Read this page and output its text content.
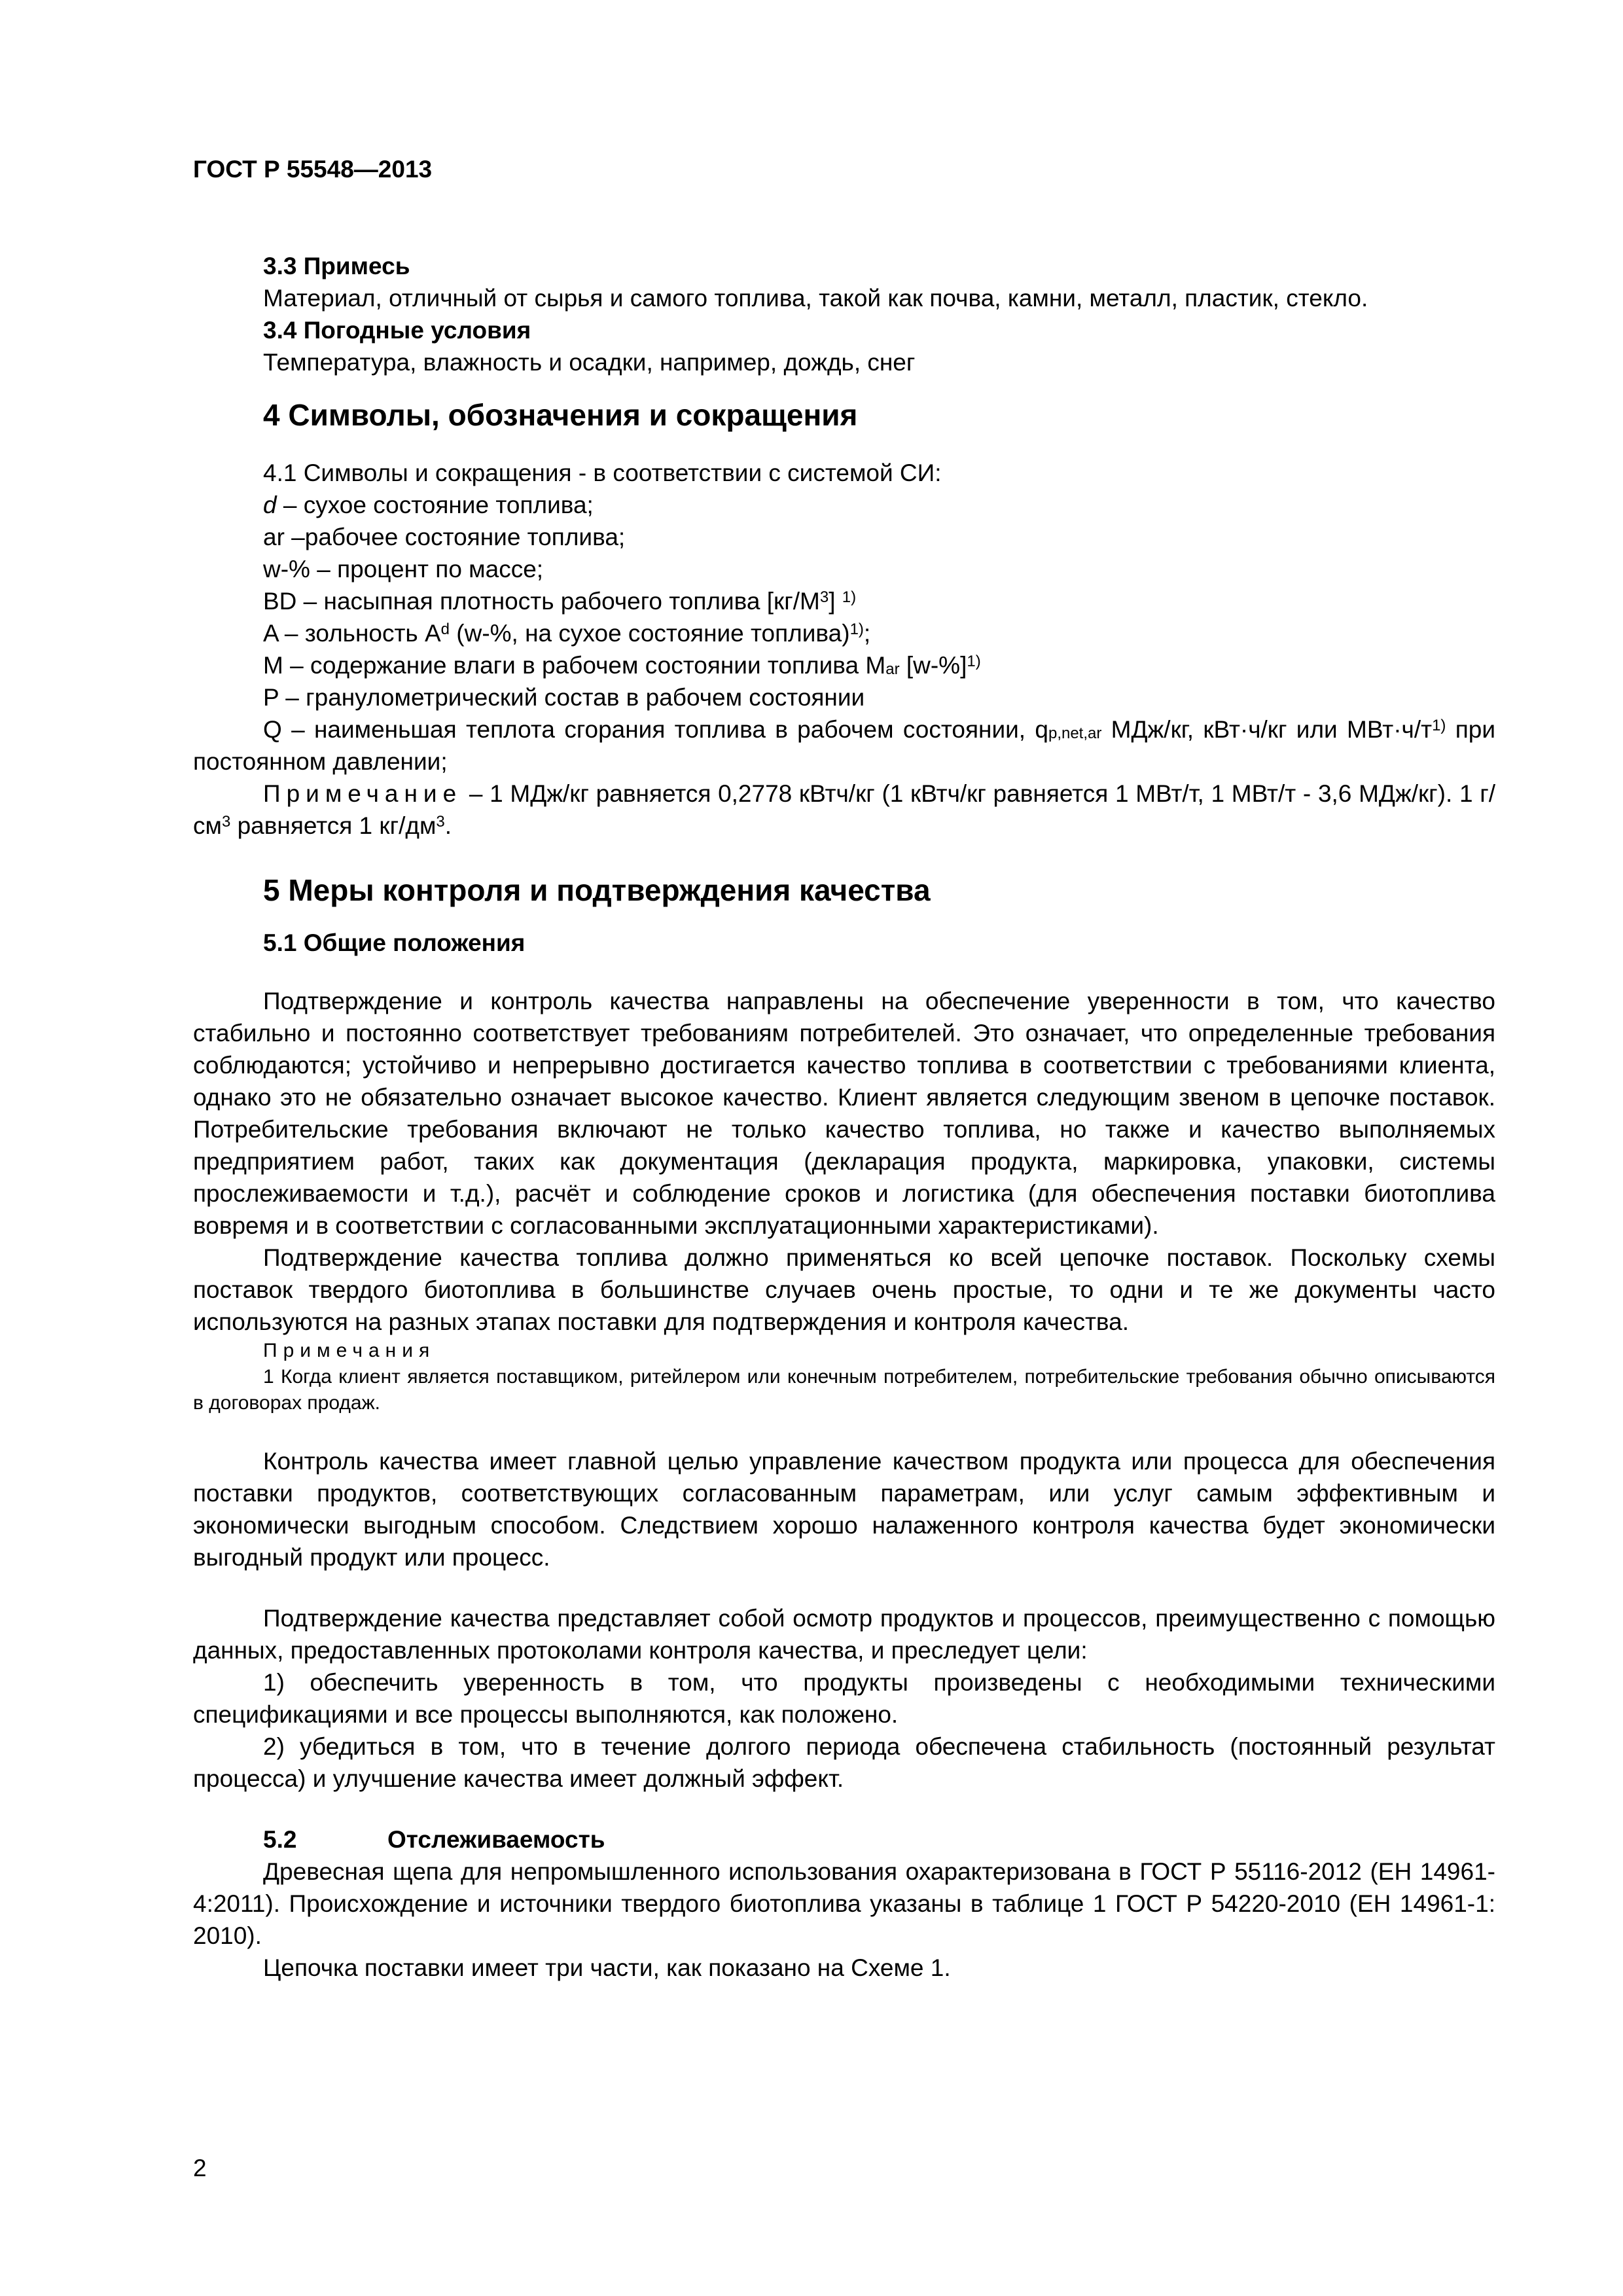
ГОСТ Р 55548—2013

3.3 Примесь

Материал, отличный от сырья и самого топлива, такой как почва, камни, металл, пластик, стекло.

3.4 Погодные условия

Температура, влажность и осадки, например, дождь, снег

4 Символы, обозначения и сокращения

4.1 Символы и сокращения - в соответствии с системой СИ:

d – сухое состояние топлива;

ar –рабочее состояние топлива;

w-% – процент по массе;

BD – насыпная плотность рабочего топлива $[кг/М^3]$ $^{1)}$

A – зольность $A^d$ (w-%, на сухое состояние топлива)$^{1)}$;

M – содержание влаги в рабочем состоянии топлива $M_{ar}$ $[w-\%]^{1)}$

P – гранулометрический состав в рабочем состоянии

Q – наименьшая теплота сгорания топлива в рабочем состоянии, $q_{p,net,ar}$ МДж/кг, кВт·ч/кг или $МВт\cdot ч/т^{1)}$ при постоянном давлении;

Примечание – 1 МДж/кг равняется 0,2778 кВтч/кг (1 кВтч/кг равняется 1 МВт/т, 1 МВт/т - 3,6 МДж/кг). 1 $г/см^3$ равняется 1 $кг/дм^3$.

5 Меры контроля и подтверждения качества
5.1 Общие положения

Подтверждение и контроль качества направлены на обеспечение уверенности в том, что качество стабильно и постоянно соответствует требованиям потребителей. Это означает, что определенные требования соблюдаются; устойчиво и непрерывно достигается качество топлива в соответствии с требованиями клиента, однако это не обязательно означает высокое качество. Клиент является следующим звеном в цепочке поставок. Потребительские требования включают не только качество топлива, но также и качество выполняемых предприятием работ, таких как документация (декларация продукта, маркировка, упаковки, системы прослеживаемости и т.д.), расчёт и соблюдение сроков и логистика (для обеспечения поставки биотоплива вовремя и в соответствии с согласованными эксплуатационными характеристиками).

Подтверждение качества топлива должно применяться ко всей цепочке поставок. Поскольку схемы поставок твердого биотоплива в большинстве случаев очень простые, то одни и те же документы часто используются на разных этапах поставки для подтверждения и контроля качества.

Примечания

1 Когда клиент является поставщиком, ритейлером или конечным потребителем, потребительские требования обычно описываются в договорах продаж.

Контроль качества имеет главной целью управление качеством продукта или процесса для обеспечения поставки продуктов, соответствующих согласованным параметрам, или услуг самым эффективным и экономически выгодным способом. Следствием хорошо налаженного контроля качества будет экономически выгодный продукт или процесс.

Подтверждение качества представляет собой осмотр продуктов и процессов, преимущественно с помощью данных, предоставленных протоколами контроля качества, и преследует цели:

1) обеспечить уверенность в том, что продукты произведены с необходимыми техническими спецификациями и все процессы выполняются, как положено.

2) убедиться в том, что в течение долгого периода обеспечена стабильность (постоянный результат процесса) и улучшение качества имеет должный эффект.

5.2	Отслеживаемость

Древесная щепа для непромышленного использования охарактеризована в ГОСТ Р 55116-2012 (ЕН 14961-4:2011). Происхождение и источники твердого биотоплива указаны в таблице 1 ГОСТ Р 54220-2010 (ЕН 14961-1: 2010).

Цепочка поставки имеет три части, как показано на Схеме 1.

2
